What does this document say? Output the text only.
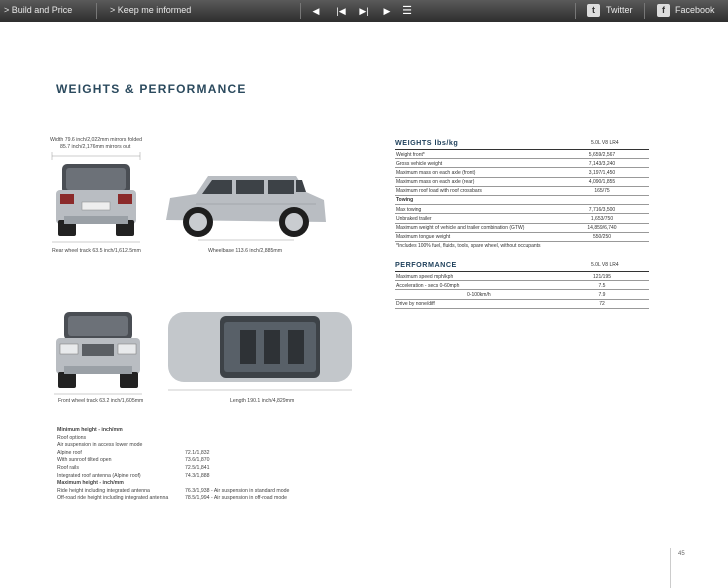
> Build and Price	> Keep me informed	◀	|◀ ▶|	▶	☰	t	Twitter	f	Facebook
WEIGHTS & PERFORMANCE
Width 79.6 inch/2,022mm mirrors folded
85.7 inch/2,176mm mirrors out
Rear wheel track 63.5 inch/1,612.5mm	Wheelbase 113.6 inch/2,885mm
Front wheel track 63.2 inch/1,605mm	Length 190.1 inch/4,829mm
WEIGHTS lbs/kg	5.0L V8 LR4
Weight front*	5,659/2,567
Gross vehicle weight	7,143/3,240
Maximum mass on each axle (front)	3,197/1,450
Maximum mass on each axle (rear)	4,090/1,855
Maximum roof load with roof crossbars	165/75
Towing
Max towing	7,716/3,500
Unbraked trailer	1,653/750
Maximum weight of vehicle and trailer combination (GTW)	14,859/6,740
Maximum tongue weight	550/250
*Includes 100% fuel, fluids, tools, spare wheel, without occupants
PERFORMANCE	5.0L V8 LR4
Maximum speed mph/kph	121/195
Acceleration - secs 0-60mph	7.5
0-100km/h	7.9
Drive by none/diff	72
Minimum height - inch/mm
Roof options
Air suspension in access lower mode
Alpine roof	72.1/1,832
With sunroof tilted open	73.6/1,870
Roof rails	72.5/1,841
Integrated roof antenna (Alpine roof)	74.3/1,888
Maximum height - inch/mm
Ride height including integrated antenna	76.3/1,938 - Air suspension in standard mode
Off-road ride height including integrated antenna	78.5/1,994 - Air suspension in off-road mode
45
